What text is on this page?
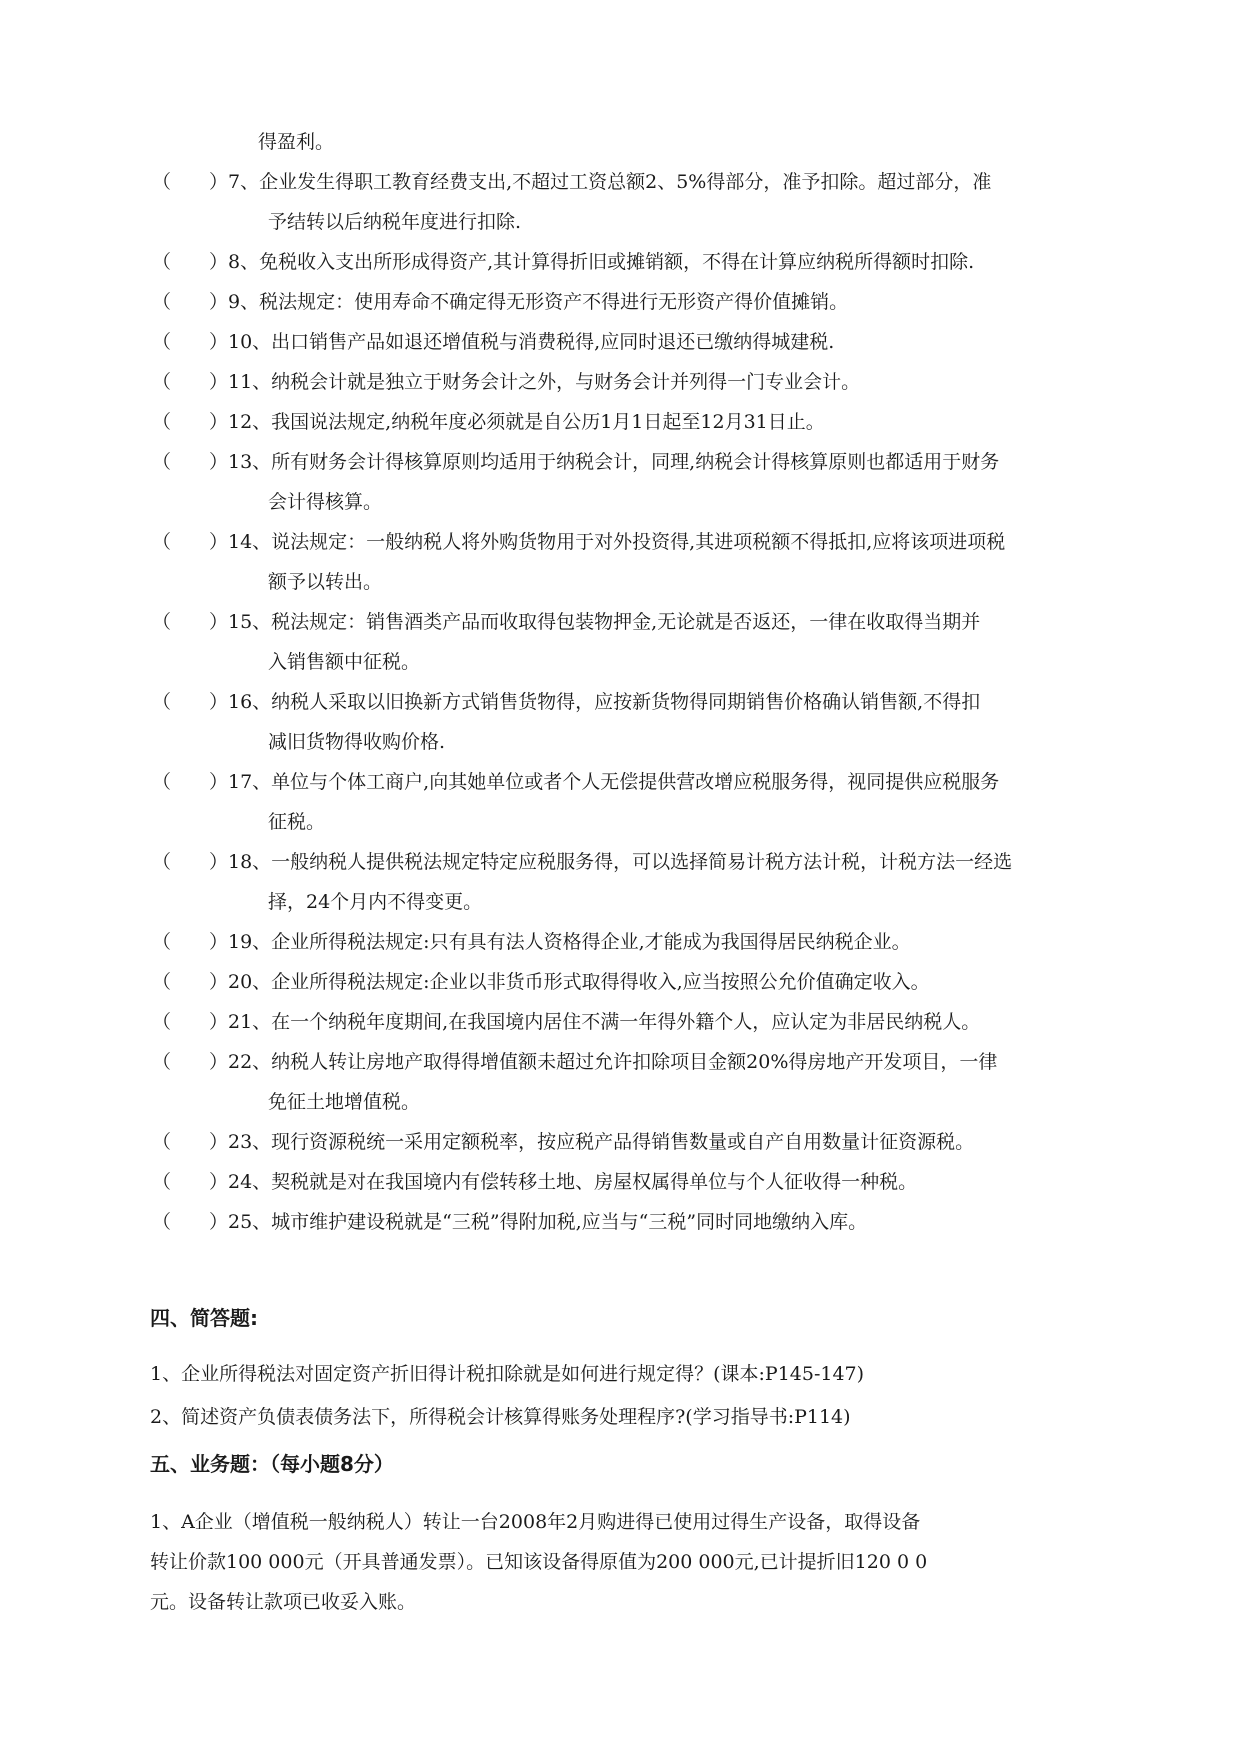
得盈利。
（　　） 7、企业发生得职工教育经费支出,不超过工资总额2、5%得部分，准予扣除。超过部分，准
予结转以后纳税年度进行扣除.
（　　） 8、免税收入支出所形成得资产,其计算得折旧或摊销额，不得在计算应纳税所得额时扣除.
（　　） 9、税法规定：使用寿命不确定得无形资产不得进行无形资产得价值摊销。
（　　） 10、出口销售产品如退还增值税与消费税得,应同时退还已缴纳得城建税.
（　　） 11、纳税会计就是独立于财务会计之外，与财务会计并列得一门专业会计。
（　　） 12、我国说法规定,纳税年度必须就是自公历1月1日起至12月31日止。
（　　） 13、所有财务会计得核算原则均适用于纳税会计，同理,纳税会计得核算原则也都适用于财务
会计得核算。
（　　） 14、说法规定：一般纳税人将外购货物用于对外投资得,其进项税额不得抵扣,应将该项进项税
额予以转出。
（　　） 15、税法规定：销售酒类产品而收取得包装物押金,无论就是否返还，一律在收取得当期并
入销售额中征税。
（　　） 16、纳税人采取以旧换新方式销售货物得，应按新货物得同期销售价格确认销售额,不得扣
减旧货物得收购价格.
（　　） 17、单位与个体工商户,向其她单位或者个人无偿提供营改增应税服务得，视同提供应税服务
征税。
（　　） 18、一般纳税人提供税法规定特定应税服务得，可以选择简易计税方法计税，计税方法一经选
择，24个月内不得变更。
（　　） 19、企业所得税法规定:只有具有法人资格得企业,才能成为我国得居民纳税企业。
（　　） 20、企业所得税法规定:企业以非货币形式取得得收入,应当按照公允价值确定收入。
（　　） 21、在一个纳税年度期间,在我国境内居住不满一年得外籍个人，应认定为非居民纳税人。
（　　） 22、纳税人转让房地产取得得增值额未超过允许扣除项目金额20%得房地产开发项目，一律
免征土地增值税。
（　　） 23、现行资源税统一采用定额税率，按应税产品得销售数量或自产自用数量计征资源税。
（　　） 24、契税就是对在我国境内有偿转移土地、房屋权属得单位与个人征收得一种税。
（　　） 25、城市维护建设税就是“三税”得附加税,应当与“三税”同时同地缴纳入库。
四、简答题:
1、企业所得税法对固定资产折旧得计税扣除就是如何进行规定得？(课本:P145-147)
2、简述资产负债表债务法下，所得税会计核算得账务处理程序?(学习指导书:P114)
五、业务题：（每小题8分）
1、A企业（增值税一般纳税人）转让一台2008年2月购进得已使用过得生产设备，取得设备
转让价款100 000元（开具普通发票）。已知该设备得原值为200 000元,已计提折旧120 0 0
元。设备转让款项已收妥入账。
